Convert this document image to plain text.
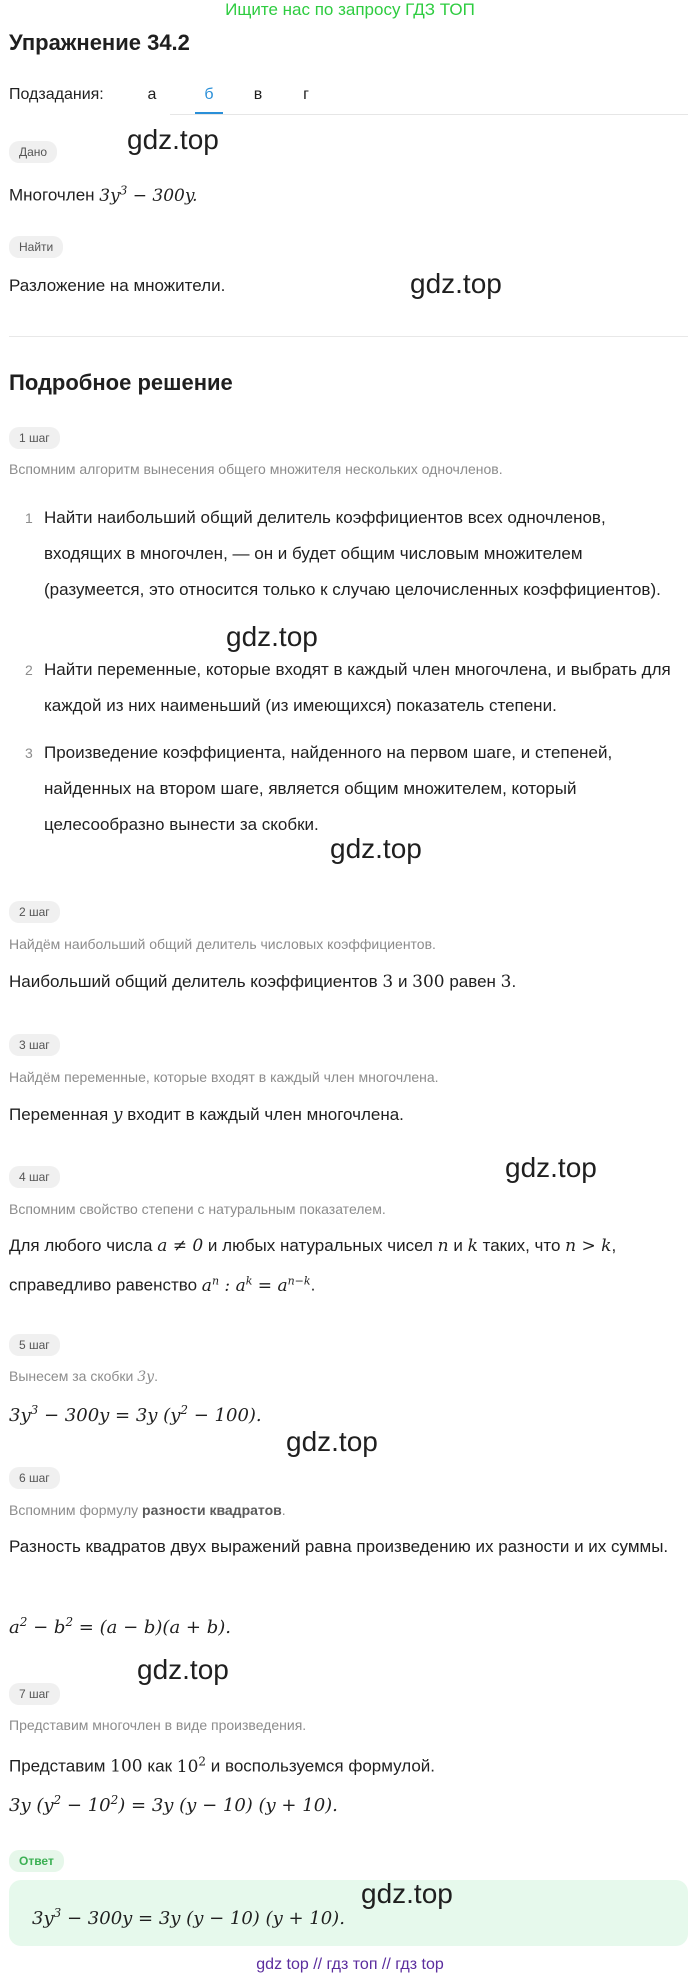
Ищите нас по запросу ГДЗ ТОП
Упражнение 34.2
Подзадания:	а	б	в	г
Дано
Многочлен $3y^3 - 300y$.
Найти
Разложение на множители.
Подробное решение
1 шаг
Вспомним алгоритм вынесения общего множителя нескольких одночленов.
1 Найти наибольший общий делитель коэффициентов всех одночленов, входящих в многочлен, — он и будет общим числовым множителем (разумеется, это относится только к случаю целочисленных коэффициентов).
2 Найти переменные, которые входят в каждый член многочлена, и выбрать для каждой из них наименьший (из имеющихся) показатель степени.
3 Произведение коэффициента, найденного на первом шаге, и степеней, найденных на втором шаге, является общим множителем, который целесообразно вынести за скобки.
2 шаг
Найдём наибольший общий делитель числовых коэффициентов.
Наибольший общий делитель коэффициентов 3 и 300 равен 3.
3 шаг
Найдём переменные, которые входят в каждый член многочлена.
Переменная y входит в каждый член многочлена.
4 шаг
Вспомним свойство степени с натуральным показателем.
Для любого числа a ≠ 0 и любых натуральных чисел n и k таких, что n > k,
справедливо равенство $a^n$ : $a^k = a^{n-k}$.
5 шаг
Вынесем за скобки 3y.
$3y^3 - 300y = 3y$ $(y^2 - 100)$.
6 шаг
Вспомним формулу разности квадратов.
Разность квадратов двух выражений равна произведению их разности и их суммы.
$a^2 - b^2 = (a - b)(a + b)$.
7 шаг
Представим многочлен в виде произведения.
Представим 100 как $10^2$ и воспользуемся формулой.
3y $(y^2 - 10^2) = 3y$ (y − 10) (y + 10).
Ответ
$3y^3 - 300y = 3y$ (y − 10) (y + 10).
gdz.top
gdz.top
gdz.top
gdz.top
gdz.top
gdz.top
gdz.top
gdz.top
gdz top // гдз топ // гдз top
